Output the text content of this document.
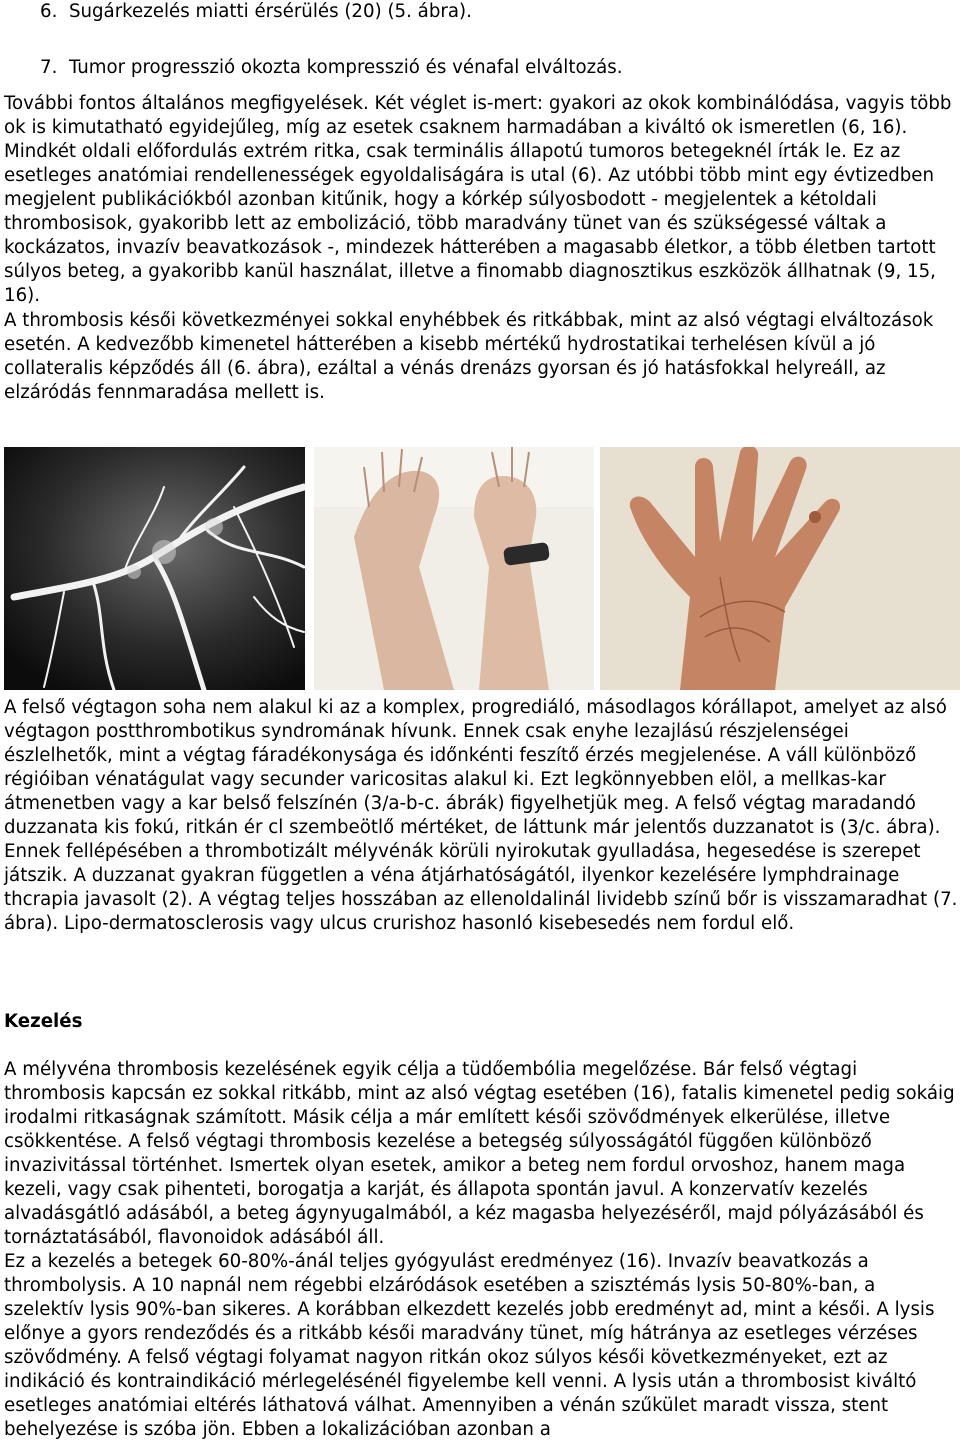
6. Sugárkezelés miatti érsérülés (20) (5. ábra).
7. Tumor progresszió okozta kompresszió és vénafal elváltozás.

További fontos általános megfigyelések. Két véglet is-mert: gyakori az okok kombinálódása, vagyis több ok is kimutatható egyidejűleg, míg az esetek csaknem harmadában a kiváltó ok ismeretlen (6, 16). Mindkét oldali előfordulás extrém ritka, csak terminális állapotú tumoros betegeknél írták le. Ez az esetleges anatómiai rendellenességek egyoldaliságára is utal (6). Az utóbbi több mint egy évtizedben megjelent publikációkból azonban kitűnik, hogy a kórkép súlyosbodott - megjelentek a kétoldali thrombosisok, gyakoribb lett az embolizáció, több maradvány tünet van és szükségessé váltak a kockázatos, invazív beavatkozások -, mindezek hátterében a magasabb életkor, a több életben tartott súlyos beteg, a gyakoribb kanül használat, illetve a finomabb diagnosztikus eszközök állhatnak (9, 15, 16).

A thrombosis késői következményei sokkal enyhébbek és ritkábbak, mint az alsó végtagi elváltozások esetén. A kedvezőbb kimenetel hátterében a kisebb mértékű hydrostatikai terhelésen kívül a jó collateralis képződés áll (6. ábra), ezáltal a vénás drenázs gyorsan és jó hatásfokkal helyreáll, az elzáródás fennmaradása mellett is.

A felső végtagon soha nem alakul ki az a komplex, progrediáló, másodlagos kórállapot, amelyet az alsó végtagon postthrombotikus syndromának hívunk. Ennek csak enyhe lezajlású részjelenségei észlelhetők, mint a végtag fáradékonysága és időnkénti feszítő érzés megjelenése. A váll különböző régióiban vénatágulat vagy secunder varicositas alakul ki. Ezt legkönnyebben elöl, a mellkas-kar átmenetben vagy a kar belső felszínén (3/a-b-c. ábrák) figyelhetjük meg. A felső végtag maradandó duzzanata kis fokú, ritkán ér cl szembeötlő mértéket, de láttunk már jelentős duzzanatot is (3/c. ábra). Ennek fellépésében a thrombotizált mélyvénák körüli nyirokutak gyulladása, hegesedése is szerepet játszik. A duzzanat gyakran független a véna átjárhatóságától, ilyenkor kezelésére lymphdrainage thcrapia javasolt (2). A végtag teljes hosszában az ellenoldalinál lividebb színű bőr is visszamaradhat (7. ábra). Lipo-dermatosclerosis vagy ulcus crurishoz hasonló kisebesedés nem fordul elő.

Kezelés

A mélyvéna thrombosis kezelésének egyik célja a tüdőembólia megelőzése. Bár felső végtagi thrombosis kapcsán ez sokkal ritkább, mint az alsó végtag esetében (16), fatalis kimenetel pedig sokáig irodalmi ritkaságnak számított. Másik célja a már említett késői szövődmények elkerülése, illetve csökkentése. A felső végtagi thrombosis kezelése a betegség súlyosságától függően különböző invazivitással történhet. Ismertek olyan esetek, amikor a beteg nem fordul orvoshoz, hanem maga kezeli, vagy csak pihenteti, borogatja a karját, és állapota spontán javul. A konzervatív kezelés alvadásgátló adásából, a beteg ágynyugalmából, a kéz magasba helyezéséről, majd pólyázásából és tornáztatásából, flavonoidok adásából áll.

Ez a kezelés a betegek 60-80%-ánál teljes gyógyulást eredményez (16). Invazív beavatkozás a thrombolysis. A 10 napnál nem régebbi elzáródások esetében a szisztémás lysis 50-80%-ban, a szelektív lysis 90%-ban sikeres. A korábban elkezdett kezelés jobb eredményt ad, mint a késői. A lysis előnye a gyors rendeződés és a ritkább késői maradvány tünet, míg hátránya az esetleges vérzéses szövődmény. A felső végtagi folyamat nagyon ritkán okoz súlyos késői következményeket, ezt az indikáció és kontraindikáció mérlegelésénél figyelembe kell venni. A lysis után a thrombosist kiváltó esetleges anatómiai eltérés láthatová válhat. Amennyiben a vénán szűkület maradt vissza, stent behelyezése is szóba jön. Ebben a lokalizációban azonban a
